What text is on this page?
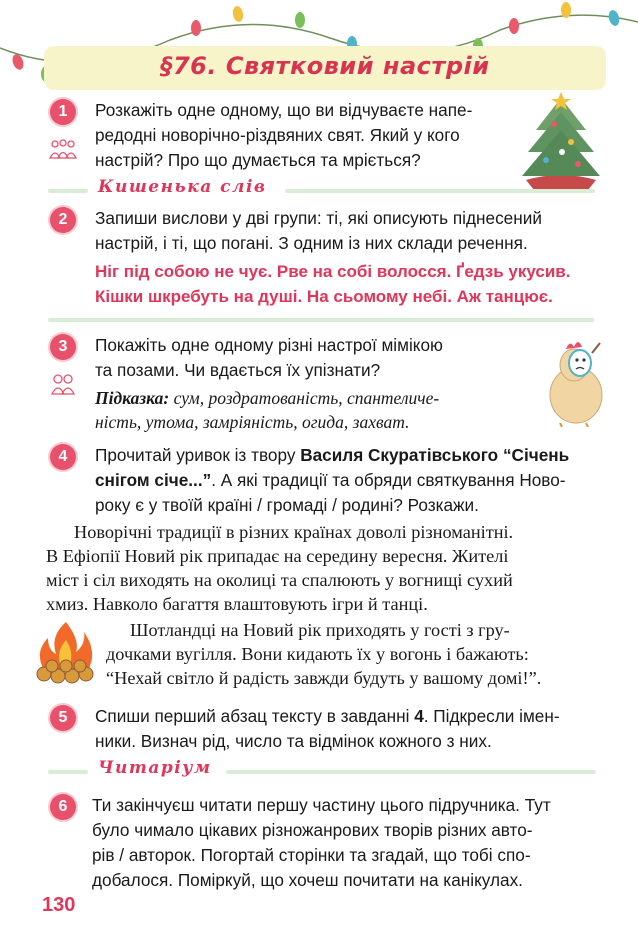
§76. Святковий настрій
1	Розкажіть одне одному, що ви відчуваєте напе-
редодні новорічно-різдвяних свят. Який у кого
настрій? Про що думається та мріється?
Кишенька слів
2	Запиши вислови у дві групи: ті, які описують піднесений
настрій, і ті, що погані. З одним із них склади речення.
Ніг під собою не чує. Рве на собі волосся. Ґедзь укусив.
Кішки шкребуть на душі. На сьомому небі. Аж танцює.
3	Покажіть одне одному різні настрої мімікою
та позами. Чи вдається їх упізнати?
Підказка: сум, роздратованість, спантеличе-
ність, утома, замріяність, огида, захват.
4	Прочитай уривок із твору Василя Скуратівського “Січень
снігом січе...”. А які традиції та обряди святкування Ново-
року є у твоїй країні / громаді / родині? Розкажи.
Новорічні традиції в різних країнах доволі різноманітні.
В Ефіопії Новий рік припадає на середину вересня. Жителі
міст і сіл виходять на околиці та спалюють у вогнищі сухий
хмиз. Навколо багаття влаштовують ігри й танці.
Шотландці на Новий рік приходять у гості з гру-
дочками вугілля. Вони кидають їх у вогонь і бажають:
“Нехай світло й радість завжди будуть у вашому домі!”.
5	Спиши перший абзац тексту в завданні 4. Підкресли імен-
ники. Визнач рід, число та відмінок кожного з них.
Читаріум
6	Ти закінчуєш читати першу частину цього підручника. Тут
було чимало цікавих різножанрових творів різних авто-
рів / авторок. Погортай сторінки та згадай, що тобі спо-
добалося. Поміркуй, що хочеш почитати на канікулах.
130
